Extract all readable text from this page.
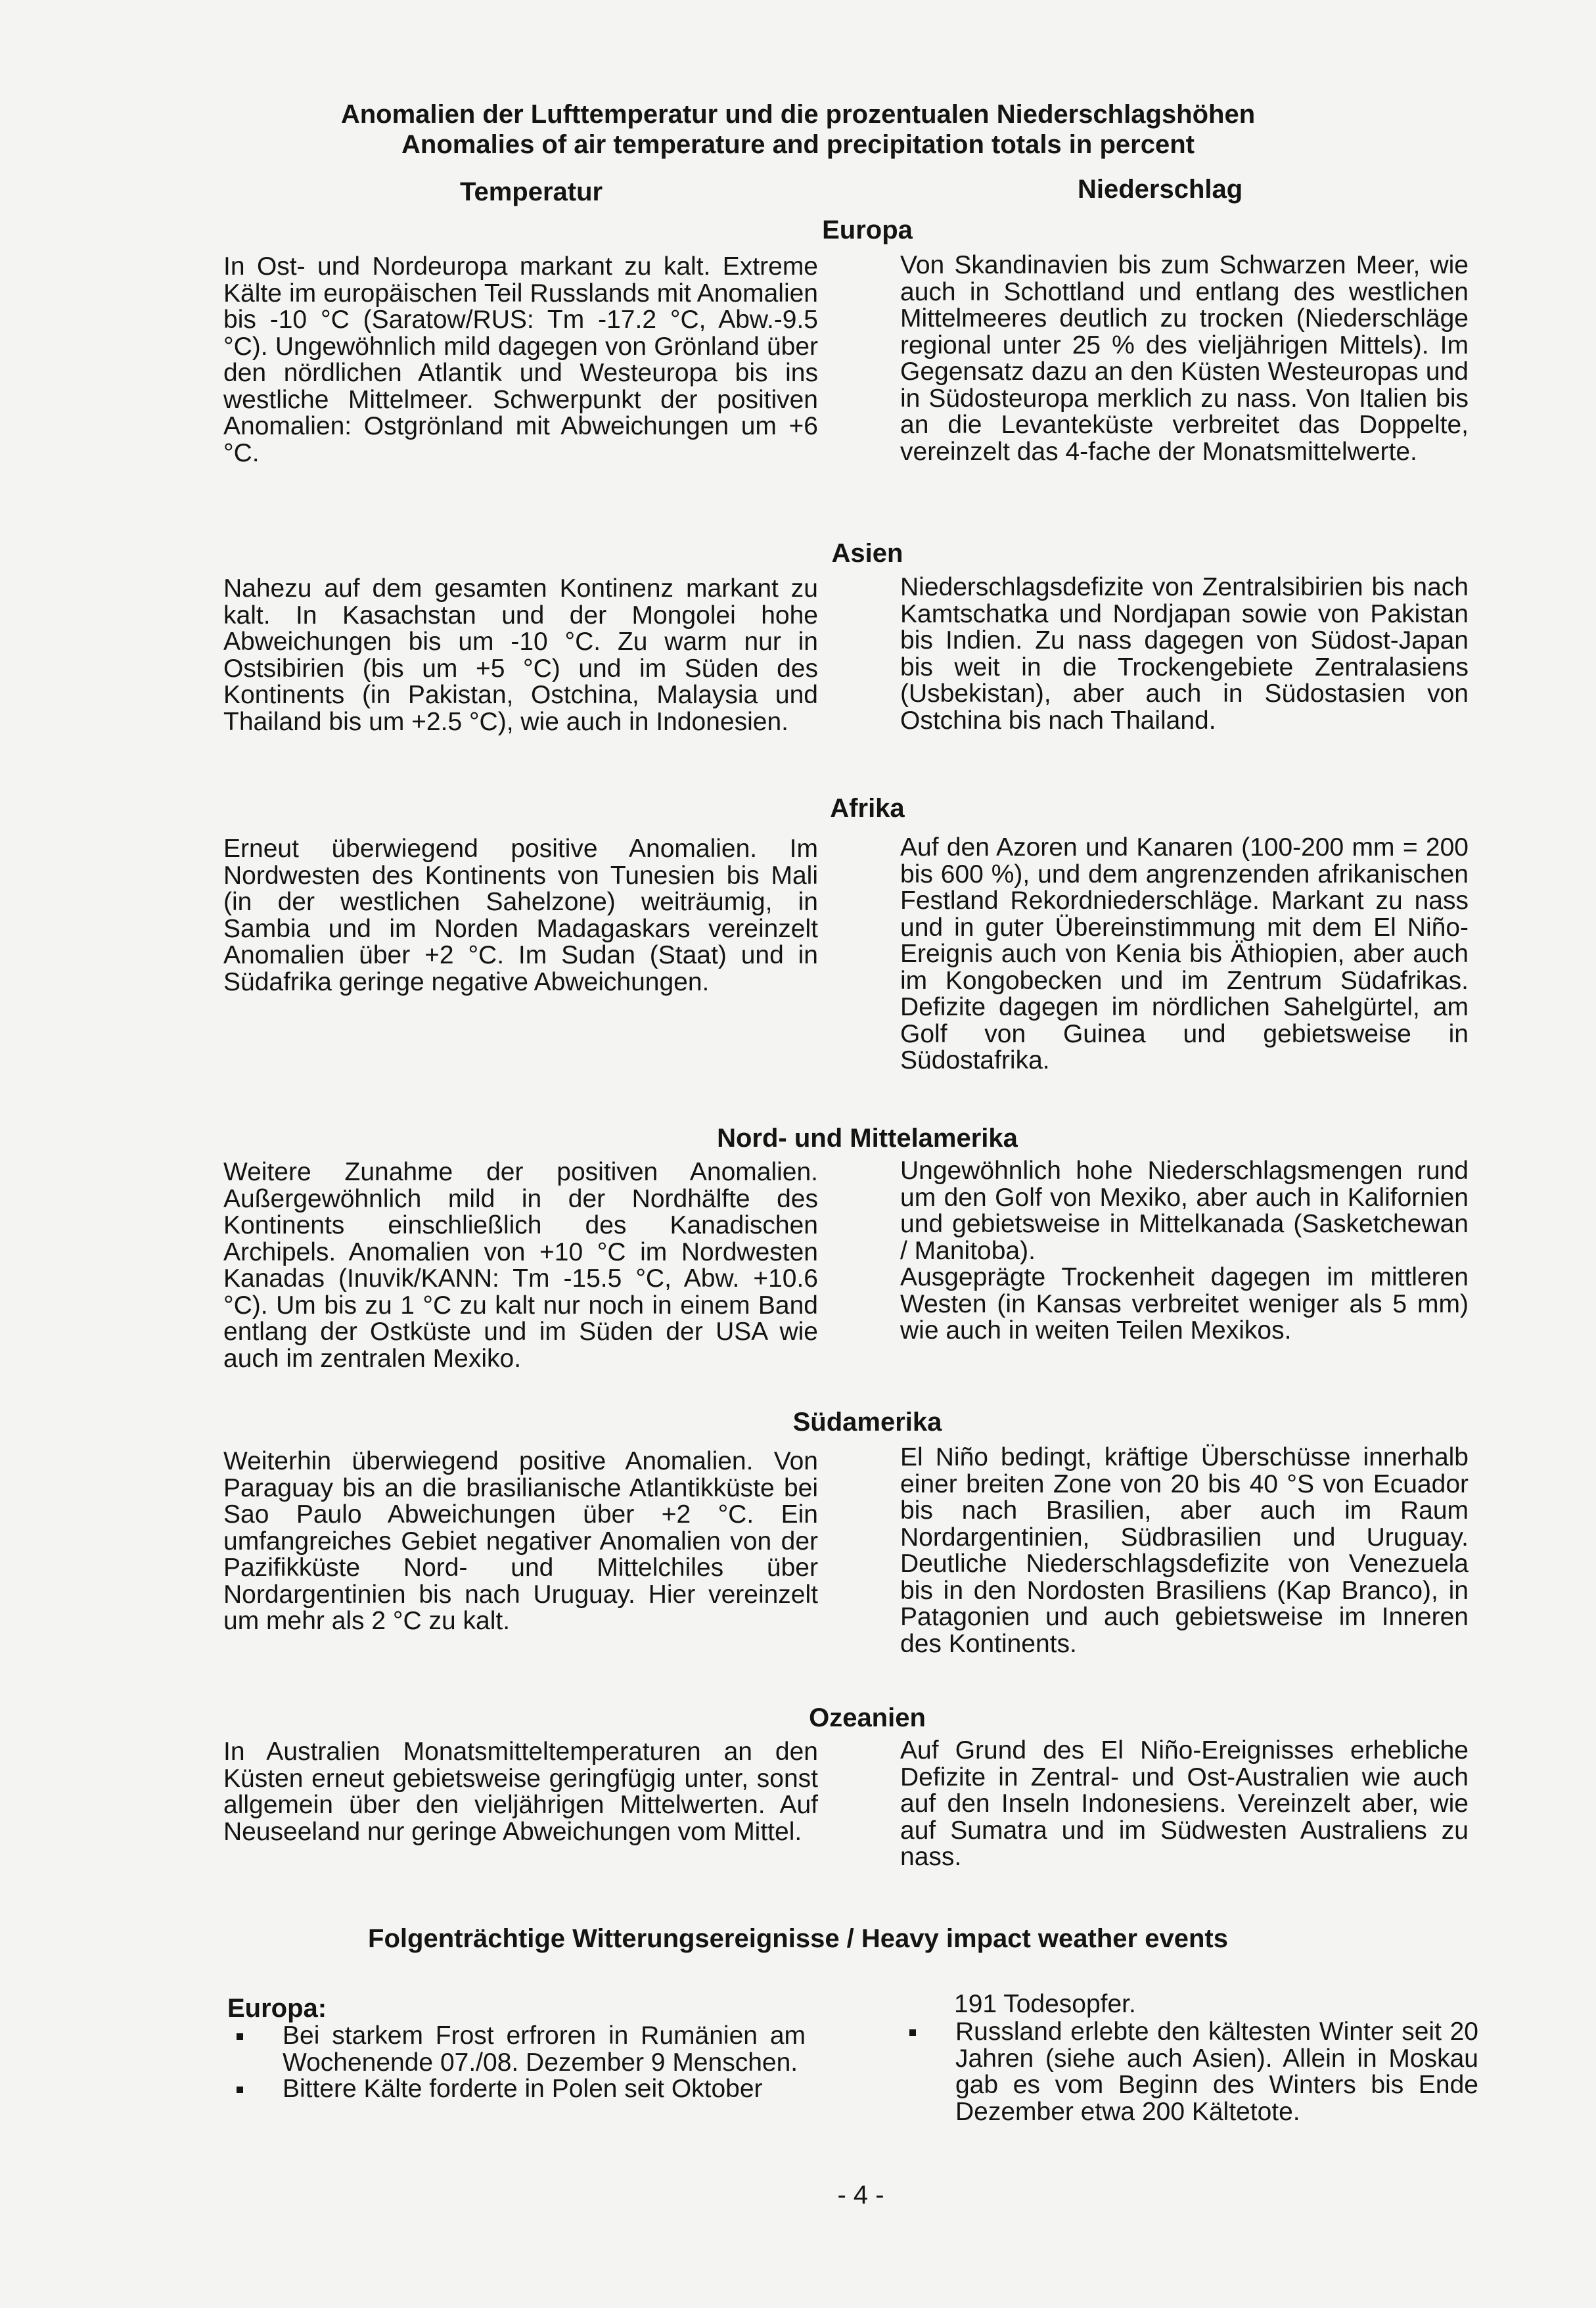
Anomalien der Lufttemperatur und die prozentualen Niederschlagshöhen
Anomalies of air temperature and precipitation totals in percent
Temperatur	Niederschlag
Europa
In Ost- und Nordeuropa markant zu kalt. Extreme Kälte im europäischen Teil Russlands mit Anomalien bis -10 °C (Saratow/RUS: Tm -17.2 °C, Abw.-9.5 °C). Ungewöhnlich mild dagegen von Grönland über den nördlichen Atlantik und Westeuropa bis ins westliche Mittelmeer. Schwerpunkt der positiven Anomalien: Ostgrönland mit Abweichungen um +6 °C.
Von Skandinavien bis zum Schwarzen Meer, wie auch in Schottland und entlang des westlichen Mittelmeeres deutlich zu trocken (Niederschläge regional unter 25 % des vieljährigen Mittels). Im Gegensatz dazu an den Küsten Westeuropas und in Südosteuropa merklich zu nass. Von Italien bis an die Levanteküste verbreitet das Doppelte, vereinzelt das 4-fache der Monatsmittelwerte.
Asien
Nahezu auf dem gesamten Kontinenz markant zu kalt. In Kasachstan und der Mongolei hohe Abweichungen bis um -10 °C. Zu warm nur in Ostsibirien (bis um +5 °C) und im Süden des Kontinents (in Pakistan, Ostchina, Malaysia und Thailand bis um +2.5 °C), wie auch in Indonesien.
Niederschlagsdefizite von Zentralsibirien bis nach Kamtschatka und Nordjapan sowie von Pakistan bis Indien. Zu nass dagegen von Südost-Japan bis weit in die Trockengebiete Zentralasiens (Usbekistan), aber auch in Südostasien von Ostchina bis nach Thailand.
Afrika
Erneut überwiegend positive Anomalien. Im Nordwesten des Kontinents von Tunesien bis Mali (in der westlichen Sahelzone) weiträumig, in Sambia und im Norden Madagaskars vereinzelt Anomalien über +2 °C. Im Sudan (Staat) und in Südafrika geringe negative Abweichungen.
Auf den Azoren und Kanaren (100-200 mm = 200 bis 600 %), und dem angrenzenden afrikanischen Festland Rekordniederschläge. Markant zu nass und in guter Übereinstimmung mit dem El Niño-Ereignis auch von Kenia bis Äthiopien, aber auch im Kongobecken und im Zentrum Südafrikas. Defizite dagegen im nördlichen Sahelgürtel, am Golf von Guinea und gebietsweise in Südostafrika.
Nord- und Mittelamerika
Weitere Zunahme der positiven Anomalien. Außergewöhnlich mild in der Nordhälfte des Kontinents einschließlich des Kanadischen Archipels. Anomalien von +10 °C im Nordwesten Kanadas (Inuvik/KANN: Tm -15.5 °C, Abw. +10.6 °C). Um bis zu 1 °C zu kalt nur noch in einem Band entlang der Ostküste und im Süden der USA wie auch im zentralen Mexiko.
Ungewöhnlich hohe Niederschlagsmengen rund um den Golf von Mexiko, aber auch in Kalifornien und gebietsweise in Mittelkanada (Sasketchewan / Manitoba).
Ausgeprägte Trockenheit dagegen im mittleren Westen (in Kansas verbreitet weniger als 5 mm) wie auch in weiten Teilen Mexikos.
Südamerika
Weiterhin überwiegend positive Anomalien. Von Paraguay bis an die brasilianische Atlantikküste bei Sao Paulo Abweichungen über +2 °C. Ein umfangreiches Gebiet negativer Anomalien von der Pazifikküste Nord- und Mittelchiles über Nordargentinien bis nach Uruguay. Hier vereinzelt um mehr als 2 °C zu kalt.
El Niño bedingt, kräftige Überschüsse innerhalb einer breiten Zone von 20 bis 40 °S von Ecuador bis nach Brasilien, aber auch im Raum Nordargentinien, Südbrasilien und Uruguay. Deutliche Niederschlagsdefizite von Venezuela bis in den Nordosten Brasiliens (Kap Branco), in Patagonien und auch gebietsweise im Inneren des Kontinents.
Ozeanien
In Australien Monatsmitteltemperaturen an den Küsten erneut gebietsweise geringfügig unter, sonst allgemein über den vieljährigen Mittelwerten. Auf Neuseeland nur geringe Abweichungen vom Mittel.
Auf Grund des El Niño-Ereignisses erhebliche Defizite in Zentral- und Ost-Australien wie auch auf den Inseln Indonesiens. Vereinzelt aber, wie auf Sumatra und im Südwesten Australiens zu nass.
Folgenträchtige Witterungsereignisse / Heavy impact weather events
Europa:
Bei starkem Frost erfroren in Rumänien am Wochenende 07./08. Dezember 9 Menschen.
Bittere Kälte forderte in Polen seit Oktober
191 Todesopfer.
Russland erlebte den kältesten Winter seit 20 Jahren (siehe auch Asien). Allein in Moskau gab es vom Beginn des Winters bis Ende Dezember etwa 200 Kältetote.
- 4 -
